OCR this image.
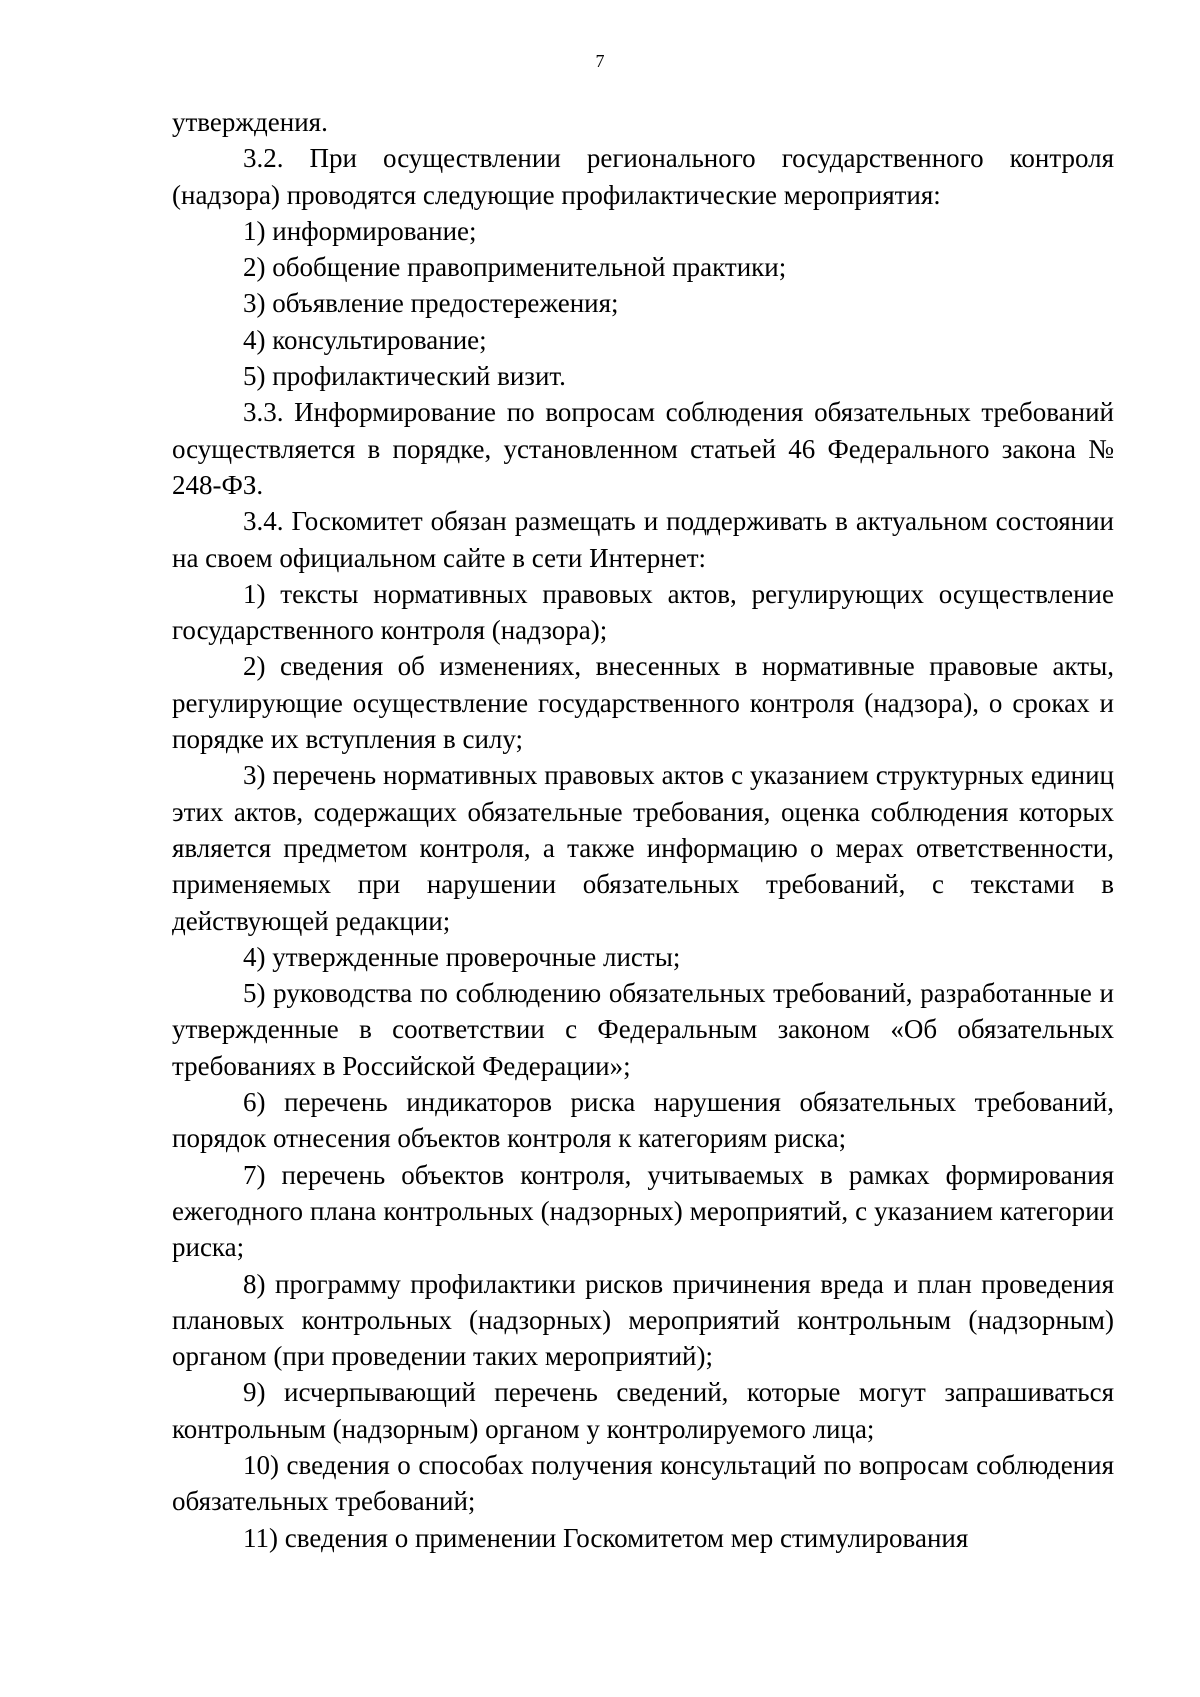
7

утверждения.

3.2. При осуществлении регионального государственного контроля (надзора) проводятся следующие профилактические мероприятия:

1) информирование;

2) обобщение правоприменительной практики;

3) объявление предостережения;

4) консультирование;

5) профилактический визит.

3.3. Информирование по вопросам соблюдения обязательных требований осуществляется в порядке, установленном статьей 46 Федерального закона № 248-ФЗ.

3.4. Госкомитет обязан размещать и поддерживать в актуальном состоянии на своем официальном сайте в сети Интернет:

1) тексты нормативных правовых актов, регулирующих осуществление государственного контроля (надзора);

2) сведения об изменениях, внесенных в нормативные правовые акты, регулирующие осуществление государственного контроля (надзора), о сроках и порядке их вступления в силу;

3) перечень нормативных правовых актов с указанием структурных единиц этих актов, содержащих обязательные требования, оценка соблюдения которых является предметом контроля, а также информацию о мерах ответственности, применяемых при нарушении обязательных требований, с текстами в действующей редакции;

4) утвержденные проверочные листы;

5) руководства по соблюдению обязательных требований, разработанные и утвержденные в соответствии с Федеральным законом «Об обязательных требованиях в Российской Федерации»;

6) перечень индикаторов риска нарушения обязательных требований, порядок отнесения объектов контроля к категориям риска;

7) перечень объектов контроля, учитываемых в рамках формирования ежегодного плана контрольных (надзорных) мероприятий, с указанием категории риска;

8) программу профилактики рисков причинения вреда и план проведения плановых контрольных (надзорных) мероприятий контрольным (надзорным) органом (при проведении таких мероприятий);

9) исчерпывающий перечень сведений, которые могут запрашиваться контрольным (надзорным) органом у контролируемого лица;

10) сведения о способах получения консультаций по вопросам соблюдения обязательных требований;

11) сведения о применении Госкомитетом мер стимулирования
